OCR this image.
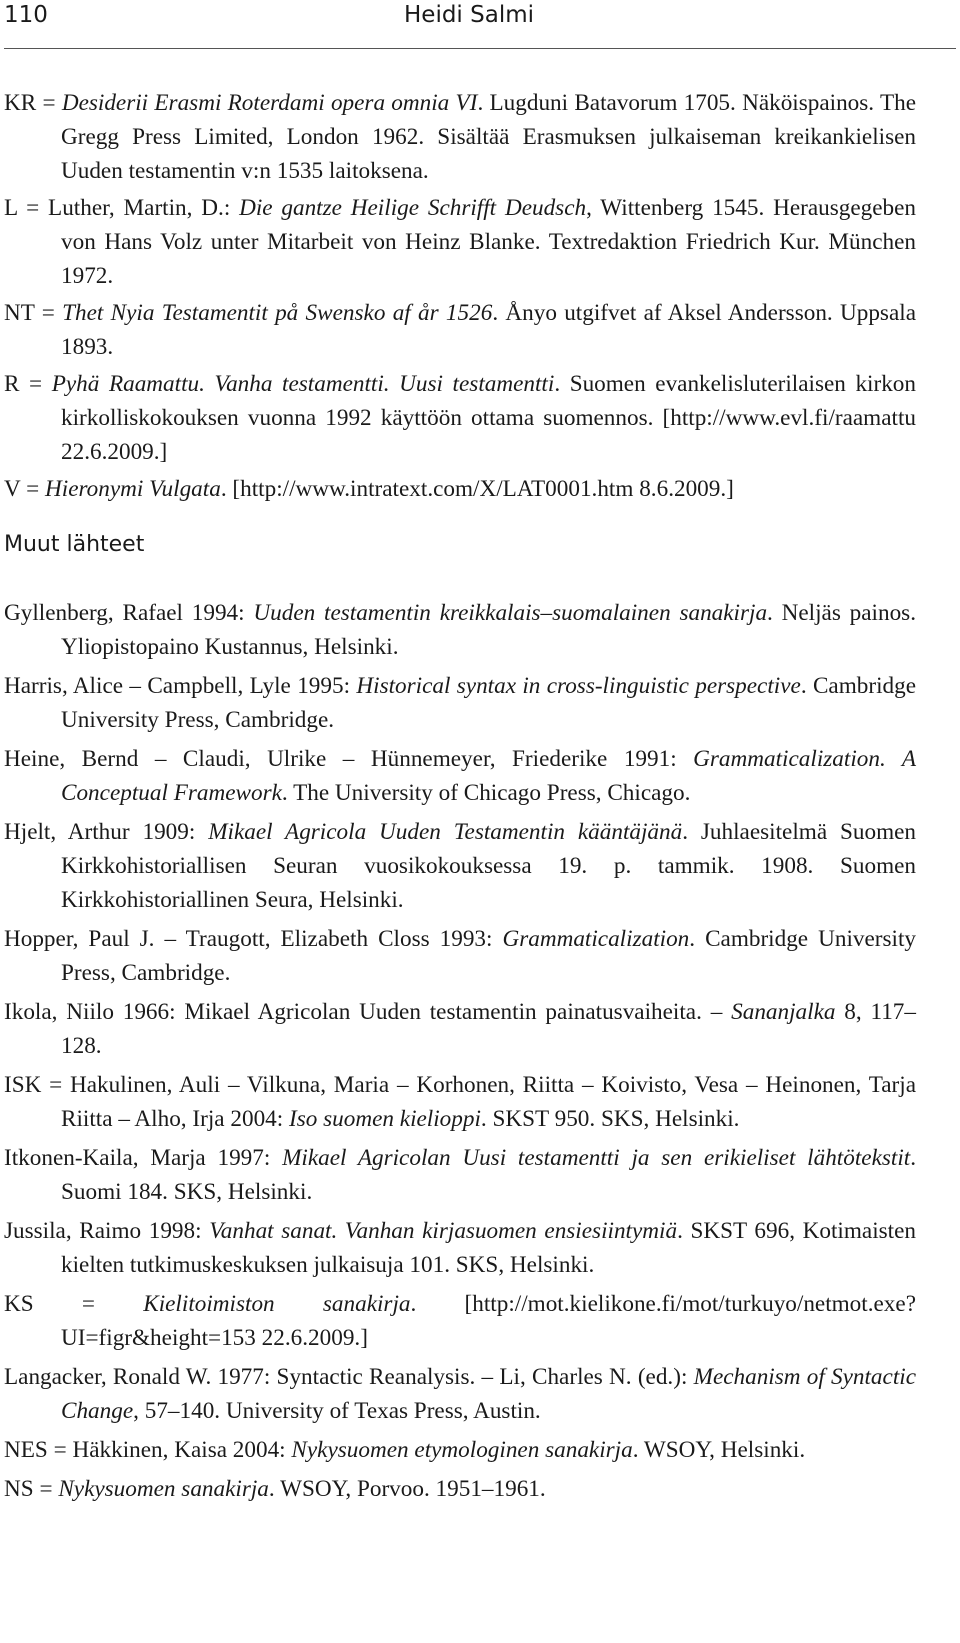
110	Heidi Salmi

KR = Desiderii Erasmi Roterdami opera omnia VI. Lugduni Batavorum 1705. Näköispainos. The Gregg Press Limited, London 1962. Sisältää Erasmuksen julkaiseman kreikankielisen Uuden testamentin v:n 1535 laitoksena.

L = Luther, Martin, D.: Die gantze Heilige Schrifft Deudsch, Wittenberg 1545. Herausgegeben von Hans Volz unter Mitarbeit von Heinz Blanke. Textredaktion Friedrich Kur. München 1972.

NT = Thet Nyia Testamentit på Swensko af år 1526. Ånyo utgifvet af Aksel Andersson. Uppsala 1893.

R = Pyhä Raamattu. Vanha testamentti. Uusi testamentti. Suomen evankelisluterilaisen kirkon kirkolliskokouksen vuonna 1992 käyttöön ottama suomennos. [http://www.evl.fi/raamattu 22.6.2009.]

V = Hieronymi Vulgata. [http://www.intratext.com/X/LAT0001.htm 8.6.2009.]

Muut lähteet

Gyllenberg, Rafael 1994: Uuden testamentin kreikkalais–suomalainen sanakirja. Neljäs painos. Yliopistopaino Kustannus, Helsinki.

Harris, Alice – Campbell, Lyle 1995: Historical syntax in cross-linguistic perspective. Cambridge University Press, Cambridge.

Heine, Bernd – Claudi, Ulrike – Hünnemeyer, Friederike 1991: Grammaticalization. A Conceptual Framework. The University of Chicago Press, Chicago.

Hjelt, Arthur 1909: Mikael Agricola Uuden Testamentin kääntäjänä. Juhlaesitelmä Suomen Kirkkohistoriallisen Seuran vuosikokouksessa 19. p. tammik. 1908. Suomen Kirkkohistoriallinen Seura, Helsinki.

Hopper, Paul J. – Traugott, Elizabeth Closs 1993: Grammaticalization. Cambridge University Press, Cambridge.

Ikola, Niilo 1966: Mikael Agricolan Uuden testamentin painatusvaiheita. – Sananjalka 8, 117–128.

ISK = Hakulinen, Auli – Vilkuna, Maria – Korhonen, Riitta – Koivisto, Vesa – Heinonen, Tarja Riitta – Alho, Irja 2004: Iso suomen kielioppi. SKST 950. SKS, Helsinki.

Itkonen-Kaila, Marja 1997: Mikael Agricolan Uusi testamentti ja sen erikieliset lähtötekstit. Suomi 184. SKS, Helsinki.

Jussila, Raimo 1998: Vanhat sanat. Vanhan kirjasuomen ensiesiintymiä. SKST 696, Kotimaisten kielten tutkimuskeskuksen julkaisuja 101. SKS, Helsinki.

KS = Kielitoimiston sanakirja. [http://mot.kielikone.fi/mot/turkuyo/netmot.exe?UI=figr&height=153 22.6.2009.]

Langacker, Ronald W. 1977: Syntactic Reanalysis. – Li, Charles N. (ed.): Mechanism of Syntactic Change, 57–140. University of Texas Press, Austin.

NES = Häkkinen, Kaisa 2004: Nykysuomen etymologinen sanakirja. WSOY, Helsinki.

NS = Nykysuomen sanakirja. WSOY, Porvoo. 1951–1961.
